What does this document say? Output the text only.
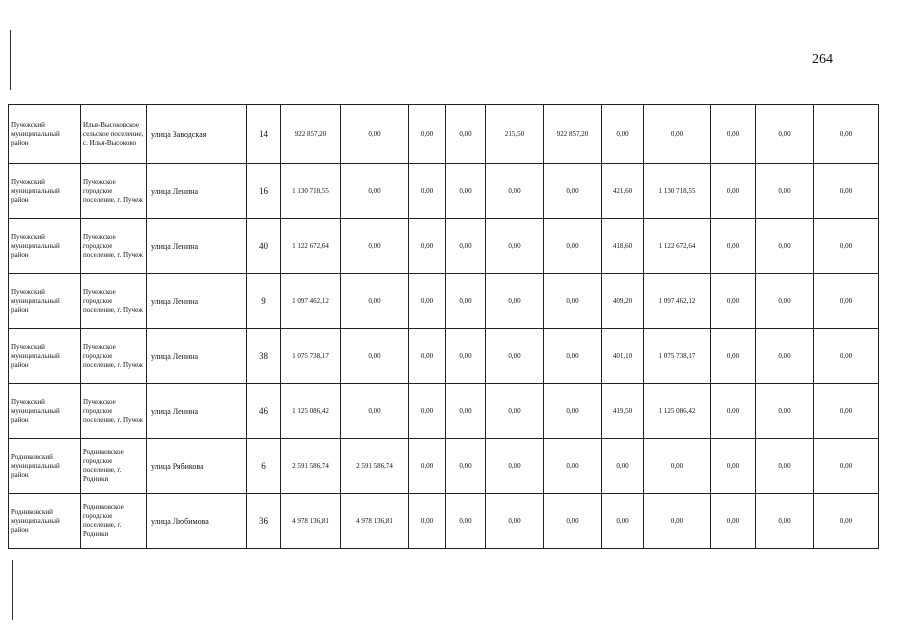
264
Пучежский муниципальный район	Илья-Высоковское сельское поселение, с. Илья-Высоково	улица Заводская	14	922 857,20	0,00	0,00	0,00	215,50	922 857,20	0,00	0,00	0,00	0,00	0,00
Пучежский муниципальный район	Пучежское городское поселение, г. Пучеж	улица Ленина	16	1 130 718,55	0,00	0,00	0,00	0,00	0,00	421,60	1 130 718,55	0,00	0,00	0,00
Пучежский муниципальный район	Пучежское городское поселение, г. Пучеж	улица Ленина	40	1 122 672,64	0,00	0,00	0,00	0,00	0,00	418,60	1 122 672,64	0,00	0,00	0,00
Пучежский муниципальный район	Пучежское городское поселение, г. Пучеж	улица Ленина	9	1 097 462,12	0,00	0,00	0,00	0,00	0,00	409,20	1 097 462,12	0,00	0,00	0,00
Пучежский муниципальный район	Пучежское городское поселение, г. Пучеж	улица Ленина	38	1 075 738,17	0,00	0,00	0,00	0,00	0,00	401,10	1 075 738,17	0,00	0,00	0,00
Пучежский муниципальный район	Пучежское городское поселение, г. Пучеж	улица Ленина	46	1 125 086,42	0,00	0,00	0,00	0,00	0,00	419,50	1 125 086,42	0,00	0,00	0,00
Родниковский муниципальный район	Родниковское городское поселение, г. Родники	улица Рябикова	6	2 591 586,74	2 591 586,74	0,00	0,00	0,00	0,00	0,00	0,00	0,00	0,00	0,00
Родниковский муниципальный район	Родниковское городское поселение, г. Родники	улица Любимова	36	4 978 136,81	4 978 136,81	0,00	0,00	0,00	0,00	0,00	0,00	0,00	0,00	0,00
